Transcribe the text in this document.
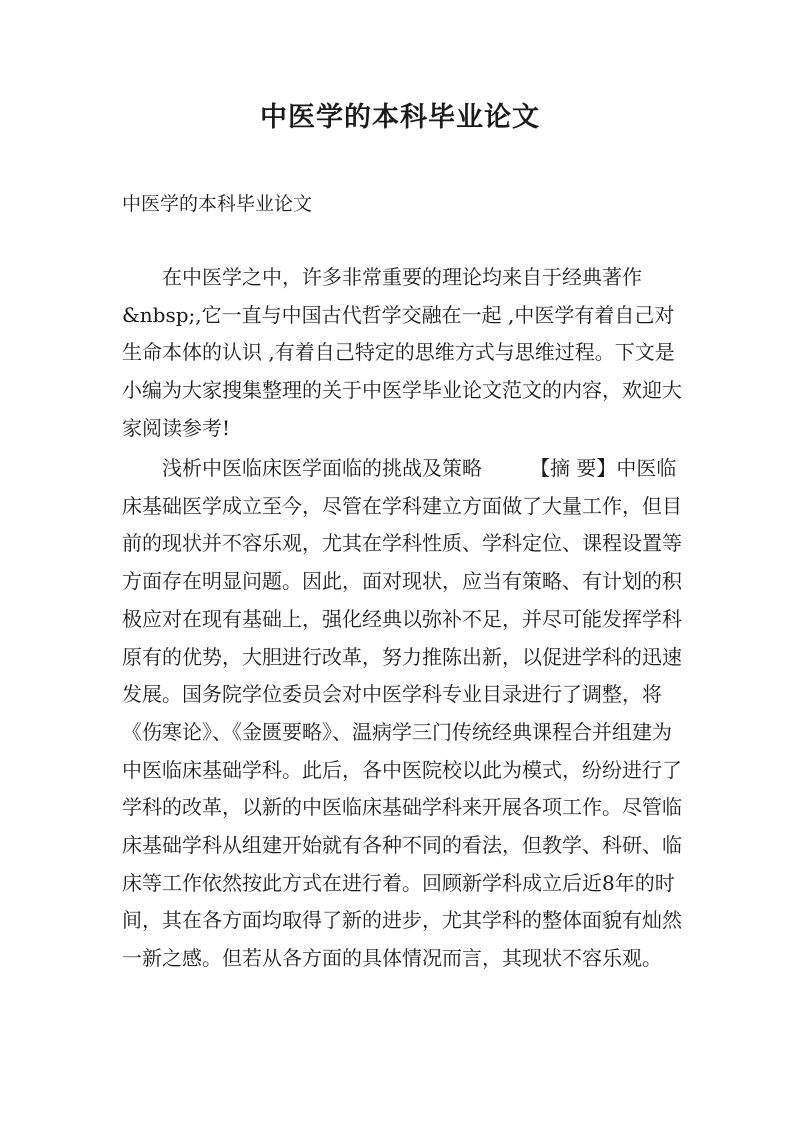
中医学的本科毕业论文

中医学的本科毕业论文

在中医学之中，许多非常重要的理论均来自于经典著作&nbsp;,它一直与中国古代哲学交融在一起 ,中医学有着自己对生命本体的认识 ,有着自己特定的思维方式与思维过程。下文是小编为大家搜集整理的关于中医学毕业论文范文的内容，欢迎大家阅读参考!

浅析中医临床医学面临的挑战及策略 【摘 要】中医临床基础医学成立至今，尽管在学科建立方面做了大量工作，但目前的现状并不容乐观，尤其在学科性质、学科定位、课程设置等方面存在明显问题。因此，面对现状，应当有策略、有计划的积极应对在现有基础上，强化经典以弥补不足，并尽可能发挥学科原有的优势，大胆进行改革，努力推陈出新，以促进学科的迅速发展。国务院学位委员会对中医学科专业目录进行了调整，将《伤寒论》、《金匮要略》、温病学三门传统经典课程合并组建为中医临床基础学科。此后，各中医院校以此为模式，纷纷进行了学科的改革，以新的中医临床基础学科来开展各项工作。尽管临床基础学科从组建开始就有各种不同的看法，但教学、科研、临床等工作依然按此方式在进行着。回顾新学科成立后近8年的时间，其在各方面均取得了新的进步，尤其学科的整体面貌有灿然一新之感。但若从各方面的具体情况而言，其现状不容乐观。
